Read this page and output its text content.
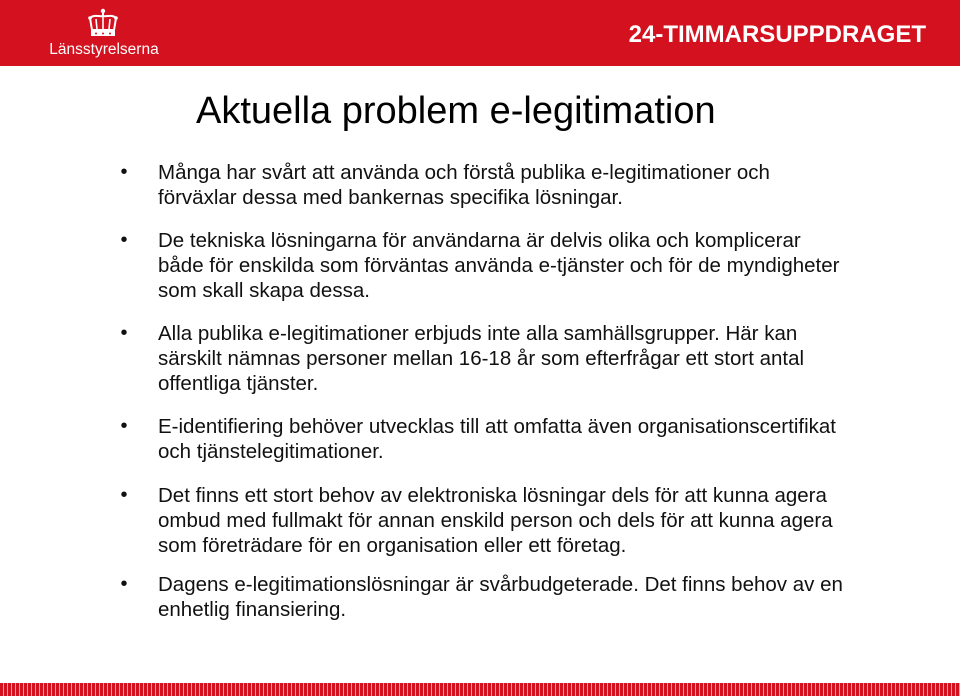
Länsstyrelserna
24-TIMMARSUPPDRAGET
Aktuella problem e-legitimation
• Många har svårt att använda och förstå publika e-legitimationer och förväxlar dessa med bankernas specifika lösningar.
• De tekniska lösningarna för användarna är delvis olika och komplicerar både för enskilda som förväntas använda e-tjänster och för de myndigheter som skall skapa dessa.
• Alla publika e-legitimationer erbjuds inte alla samhällsgrupper. Här kan särskilt nämnas personer mellan 16-18 år som efterfrågar ett stort antal offentliga tjänster.
• E-identifiering behöver utvecklas till att omfatta även organisationscertifikat och tjänstelegitimationer.
• Det finns ett stort behov av elektroniska lösningar dels för att kunna agera ombud med fullmakt för annan enskild person och dels för att kunna agera som företrädare för en organisation eller ett företag.
• Dagens e-legitimationslösningar är svårbudgeterade. Det finns behov av en enhetlig finansiering.
